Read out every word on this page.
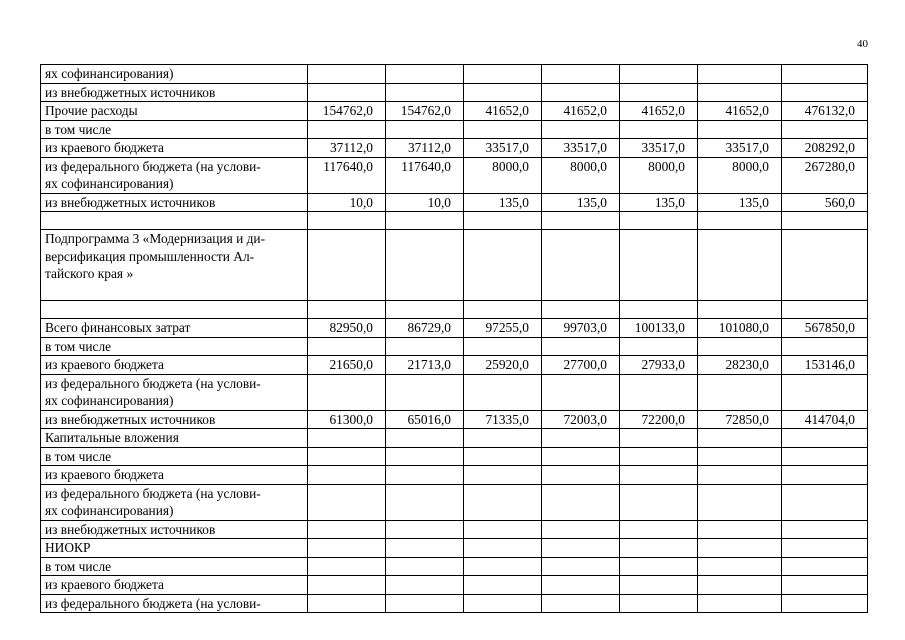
40
ях софинансирования)							
из внебюджетных источников							
Прочие расходы	154762,0	154762,0	41652,0	41652,0	41652,0	41652,0	476132,0
в том числе							
из краевого бюджета	37112,0	37112,0	33517,0	33517,0	33517,0	33517,0	208292,0
из федерального бюджета (на услови-
ях софинансирования)	117640,0	117640,0	8000,0	8000,0	8000,0	8000,0	267280,0
из внебюджетных источников	10,0	10,0	135,0	135,0	135,0	135,0	560,0

Подпрограмма 3 «Модернизация и ди-
версификация промышленности Ал-
тайского края »							

Всего финансовых затрат	82950,0	86729,0	97255,0	99703,0	100133,0	101080,0	567850,0
в том числе							
из краевого бюджета	21650,0	21713,0	25920,0	27700,0	27933,0	28230,0	153146,0
из федерального бюджета (на услови-
ях софинансирования)							
из внебюджетных источников	61300,0	65016,0	71335,0	72003,0	72200,0	72850,0	414704,0
Капитальные вложения							
в том числе							
из краевого бюджета							
из федерального бюджета (на услови-
ях софинансирования)							
из внебюджетных источников							
НИОКР							
в том числе							
из краевого бюджета							
из федерального бюджета (на услови-							
